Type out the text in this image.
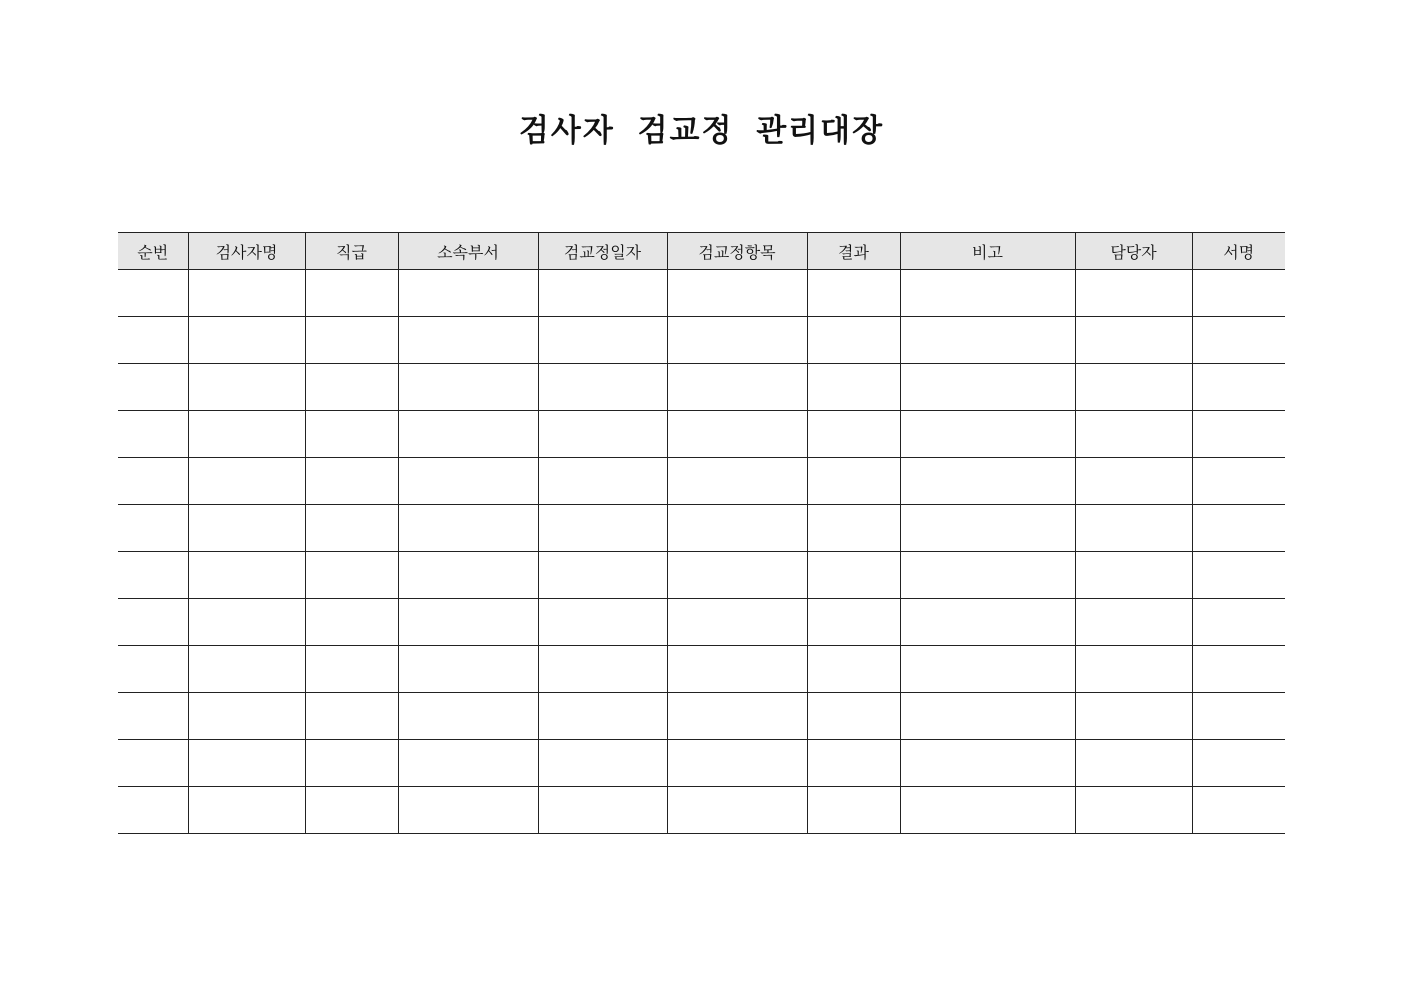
검사자 검교정 관리대장
순번	검사자명	직급	소속부서	검교정일자	검교정항목	결과	비고	담당자	서명
